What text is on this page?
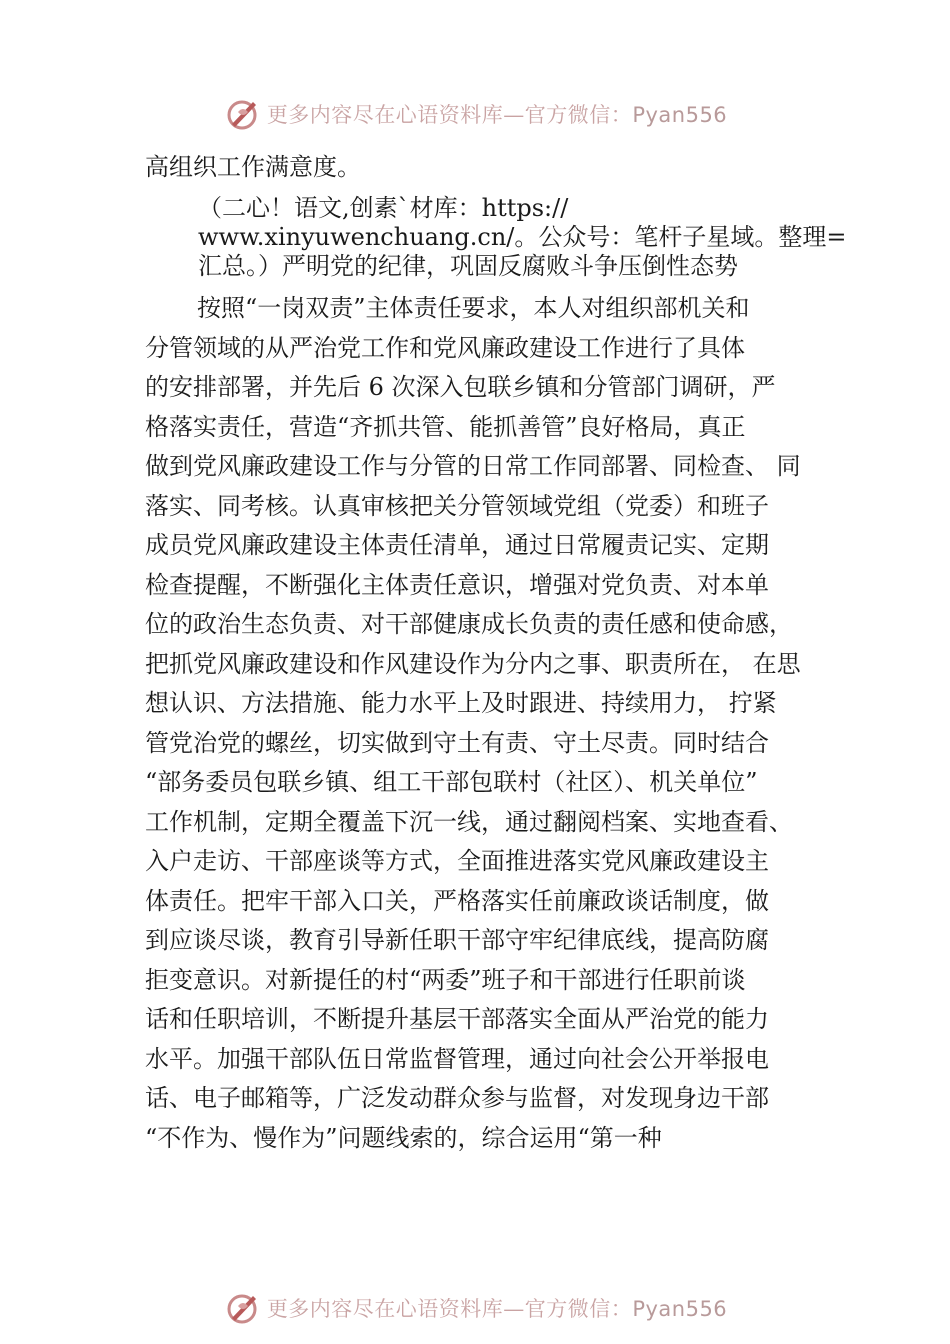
更多内容尽在心语资料库—官方微信：Pyan556
高组织工作满意度。
（二心！语文,创素`材库：https://
www.xinyuwenchuang.cn/。公众号：笔杆子星域。整理=
汇总。）严明党的纪律，巩固反腐败斗争压倒性态势
按照“一岗双责”主体责任要求，本人对组织部机关和
分管领域的从严治党工作和党风廉政建设工作进行了具体
的安排部署，并先后 6 次深入包联乡镇和分管部门调研，严
格落实责任，营造“齐抓共管、能抓善管”良好格局，真正
做到党风廉政建设工作与分管的日常工作同部署、同检查、 同
落实、同考核。认真审核把关分管领域党组（党委）和班子
成员党风廉政建设主体责任清单，通过日常履责记实、定期
检查提醒，不断强化主体责任意识，增强对党负责、对本单
位的政治生态负责、对干部健康成长负责的责任感和使命感，
把抓党风廉政建设和作风建设作为分内之事、职责所在， 在思
想认识、方法措施、能力水平上及时跟进、持续用力， 拧紧
管党治党的螺丝，切实做到守土有责、守土尽责。同时结合
“部务委员包联乡镇、组工干部包联村（社区）、机关单位”
工作机制，定期全覆盖下沉一线，通过翻阅档案、实地查看、
入户走访、干部座谈等方式，全面推进落实党风廉政建设主
体责任。把牢干部入口关，严格落实任前廉政谈话制度，做
到应谈尽谈，教育引导新任职干部守牢纪律底线，提高防腐
拒变意识。对新提任的村“两委”班子和干部进行任职前谈
话和任职培训，不断提升基层干部落实全面从严治党的能力
水平。加强干部队伍日常监督管理，通过向社会公开举报电
话、电子邮箱等，广泛发动群众参与监督，对发现身边干部
“不作为、慢作为”问题线索的，综合运用“第一种
更多内容尽在心语资料库—官方微信：Pyan556
